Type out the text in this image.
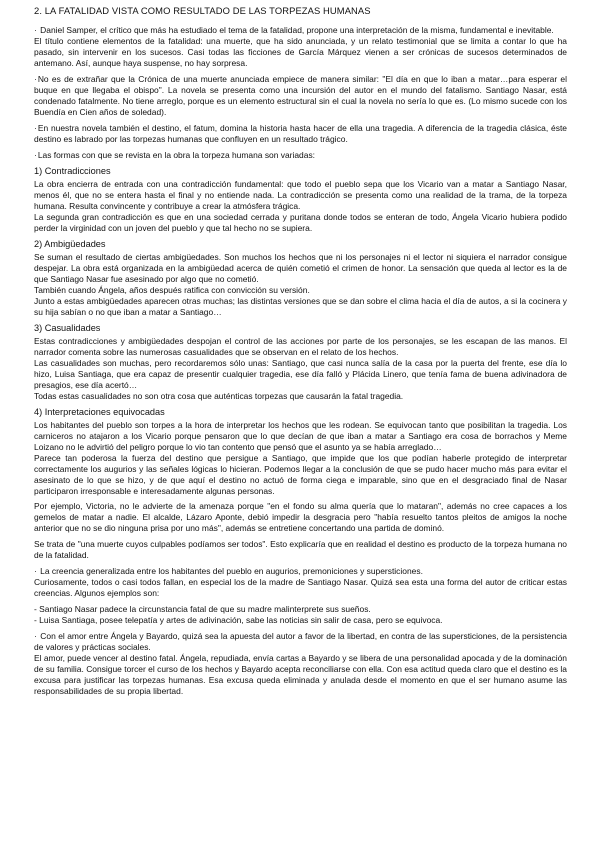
2. LA FATALIDAD VISTA COMO RESULTADO DE LAS TORPEZAS HUMANAS

· Daniel Samper, el crítico que más ha estudiado el tema de la fatalidad, propone una interpretación de la misma, fundamental e inevitable.
El título contiene elementos de la fatalidad: una muerte, que ha sido anunciada, y un relato testimonial que se limita a contar lo que ha pasado, sin intervenir en los sucesos. Casi todas las ficciones de García Márquez vienen a ser crónicas de sucesos determinados de antemano. Así, aunque haya suspense, no hay sorpresa.

· No es de extrañar que la Crónica de una muerte anunciada empiece de manera similar: "El día en que lo iban a matar…para esperar el buque en que llegaba el obispo". La novela se presenta como una incursión del autor en el mundo del fatalismo. Santiago Nasar, está condenado fatalmente. No tiene arreglo, porque es un elemento estructural sin el cual la novela no sería lo que es. (Lo mismo sucede con los Buendía en Cien años de soledad).

· En nuestra novela también el destino, el fatum, domina la historia hasta hacer de ella una tragedia. A diferencia de la tragedia clásica, éste destino es labrado por las torpezas humanas que confluyen en un resultado trágico.

· Las formas con que se revista en la obra la torpeza humana son variadas:

1) Contradicciones

La obra encierra de entrada con una contradicción fundamental: que todo el pueblo sepa que los Vicario van a matar a Santiago Nasar, menos él, que no se entera hasta el final y no entiende nada. La contradicción se presenta como una realidad de la trama, de la torpeza humana. Resulta convincente y contribuye a crear la atmósfera trágica.
La segunda gran contradicción es que en una sociedad cerrada y puritana donde todos se enteran de todo, Ángela Vicario hubiera podido perder la virginidad con un joven del pueblo y que tal hecho no se supiera.

2) Ambigüedades

Se suman el resultado de ciertas ambigüedades. Son muchos los hechos que ni los personajes ni el lector ni siquiera el narrador consigue despejar. La obra está organizada en la ambigüedad acerca de quién cometió el crimen de honor. La sensación que queda al lector es la de que Santiago Nasar fue asesinado por algo que no cometió.
También cuando Ángela, años después ratifica con convicción su versión.
Junto a estas ambigüedades aparecen otras muchas; las distintas versiones que se dan sobre el clima hacia el día de autos, a si la cocinera y su hija sabían o no que iban a matar a Santiago…

3) Casualidades

Estas contradicciones y ambigüedades despojan el control de las acciones por parte de los personajes, se les escapan de las manos. El narrador comenta sobre las numerosas casualidades que se observan en el relato de los hechos.
Las casualidades son muchas, pero recordaremos sólo unas: Santiago, que casi nunca salía de la casa por la puerta del frente, ese día lo hizo, Luisa Santiaga, que era capaz de presentir cualquier tragedia, ese día falló y Plácida Linero, que tenía fama de buena adivinadora de presagios, ese día acertó…
Todas estas casualidades no son otra cosa que auténticas torpezas que causarán la fatal tragedia.

4) Interpretaciones equivocadas

Los habitantes del pueblo son torpes a la hora de interpretar los hechos que les rodean. Se equivocan tanto que posibilitan la tragedia. Los carniceros no atajaron a los Vicario porque pensaron que lo que decían de que iban a matar a Santiago era cosa de borrachos y Meme Loizano no le advirtió del peligro porque lo vio tan contento que pensó que el asunto ya se había arreglado…
Parece tan poderosa la fuerza del destino que persigue a Santiago, que impide que los que podían haberle protegido de interpretar correctamente los augurios y las señales lógicas lo hicieran. Podemos llegar a la conclusión de que se pudo hacer mucho más para evitar el asesinato de lo que se hizo, y de que aquí el destino no actuó de forma ciega e imparable, sino que en el desgraciado final de Nasar participaron irresponsable e interesadamente algunas personas.

Por ejemplo, Victoria, no le advierte de la amenaza porque "en el fondo su alma quería que lo mataran", además no cree capaces a los gemelos de matar a nadie. El alcalde, Lázaro Aponte, debió impedir la desgracia pero "había resuelto tantos pleitos de amigos la noche anterior que no se dio ninguna prisa por uno más", además se entretiene concertando una partida de dominó.

Se trata de "una muerte cuyos culpables podíamos ser todos". Esto explicaría que en realidad el destino es producto de la torpeza humana no de la fatalidad.

· La creencia generalizada entre los habitantes del pueblo en augurios, premoniciones y supersticiones.
Curiosamente, todos o casi todos fallan, en especial los de la madre de Santiago Nasar. Quizá sea esta una forma del autor de criticar estas creencias. Algunos ejemplos son:

- Santiago Nasar padece la circunstancia fatal de que su madre malinterprete sus sueños.
- Luisa Santiaga, posee telepatía y artes de adivinación, sabe las noticias sin salir de casa, pero se equivoca.

· Con el amor entre Ángela y Bayardo, quizá sea la apuesta del autor a favor de la libertad, en contra de las supersticiones, de la persistencia de valores y prácticas sociales.
El amor, puede vencer al destino fatal. Ángela, repudiada, envía cartas a Bayardo y se libera de una personalidad apocada y de la dominación de su familia. Consigue torcer el curso de los hechos y Bayardo acepta reconciliarse con ella. Con esa actitud queda claro que el destino es la excusa para justificar las torpezas humanas. Esa excusa queda eliminada y anulada desde el momento en que el ser humano asume las responsabilidades de su propia libertad.
